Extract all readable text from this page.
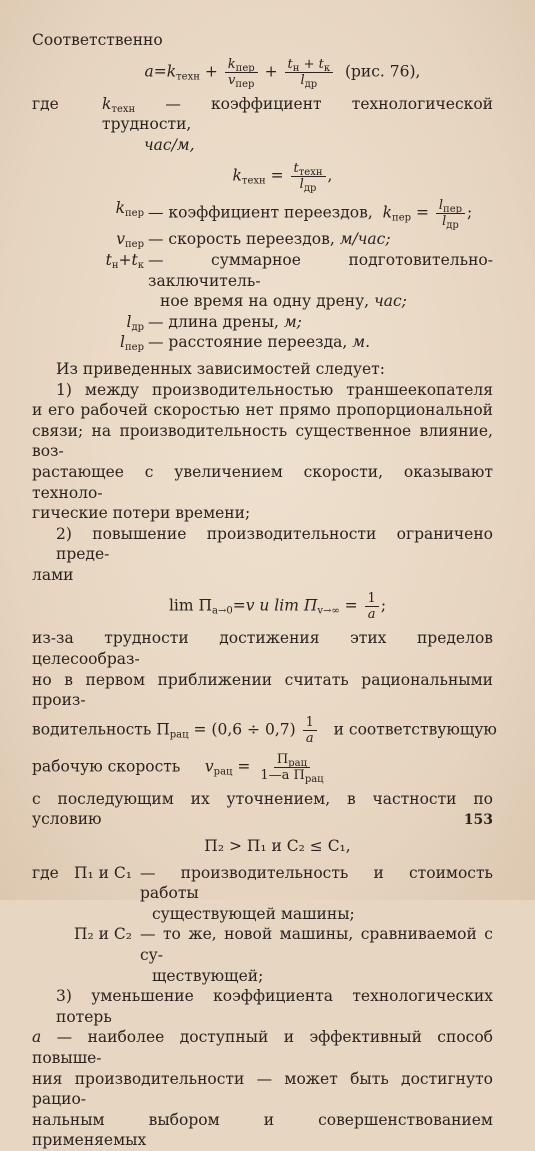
Соответственно
$a=k_{техн} + \frac{k_{пер}}{v_{пер}} + \frac{t_н + t_к}{l_{др}} (рис$. 76),
где	$k_{техн}$ — коэффициент технологической трудности,
час/м,
$k_{техн} = \frac{t_{техн}}{l_{др}}$ ,
$k_{пер}$ — коэффициент переездов, $k_{пер} = \frac{l_{пер}}{l_{др}}$ ;
$v_{пер}$ — скорость переездов, м/час;
$t_н+t_к$ — суммарное подготовительно-заключитель-
ное время на одну дрену, час;
$l_{др}$ — длина дрены, м;
$l_{пер}$ — расстояние переезда, м.
Из приведенных зависимостей следует:
1) между производительностью траншеекопателя
и его рабочей скоростью нет прямо пропорциональной
связи; на производительность существенное влияние, воз-
растающее с увеличением скорости, оказывают техноло-
гические потери времени;
2) повышение производительности ограничено преде-
лами
$\lim П_{a\to 0}=v$ и $\lim П_{v\to\infty} = \frac{1}{a}$ ;
из-за трудности достижения этих пределов целесообраз-
но в первом приближении считать рациональными произ-
водительность $П_{рац} = (0,6 \div 0,7) \frac{1}{a}$ и соответствующую
рабочую скорость $v_{рац} = \frac{П_{рац}}{1—a П_{рац}}$
с последующим их уточнением, в частности по условию
П₂ > П₁ и С₂ ≤ С₁,
где П₁ и С₁ — производительность и стоимость работы
существующей машины;
П₂ и С₂ — то же, новой машины, сравниваемой с су-
ществующей;
3) уменьшение коэффициента технологических потерь
a — наиболее доступный и эффективный способ повыше-
ния производительности — может быть достигнуто рацио-
нальным выбором и совершенствованием применяемых
153
